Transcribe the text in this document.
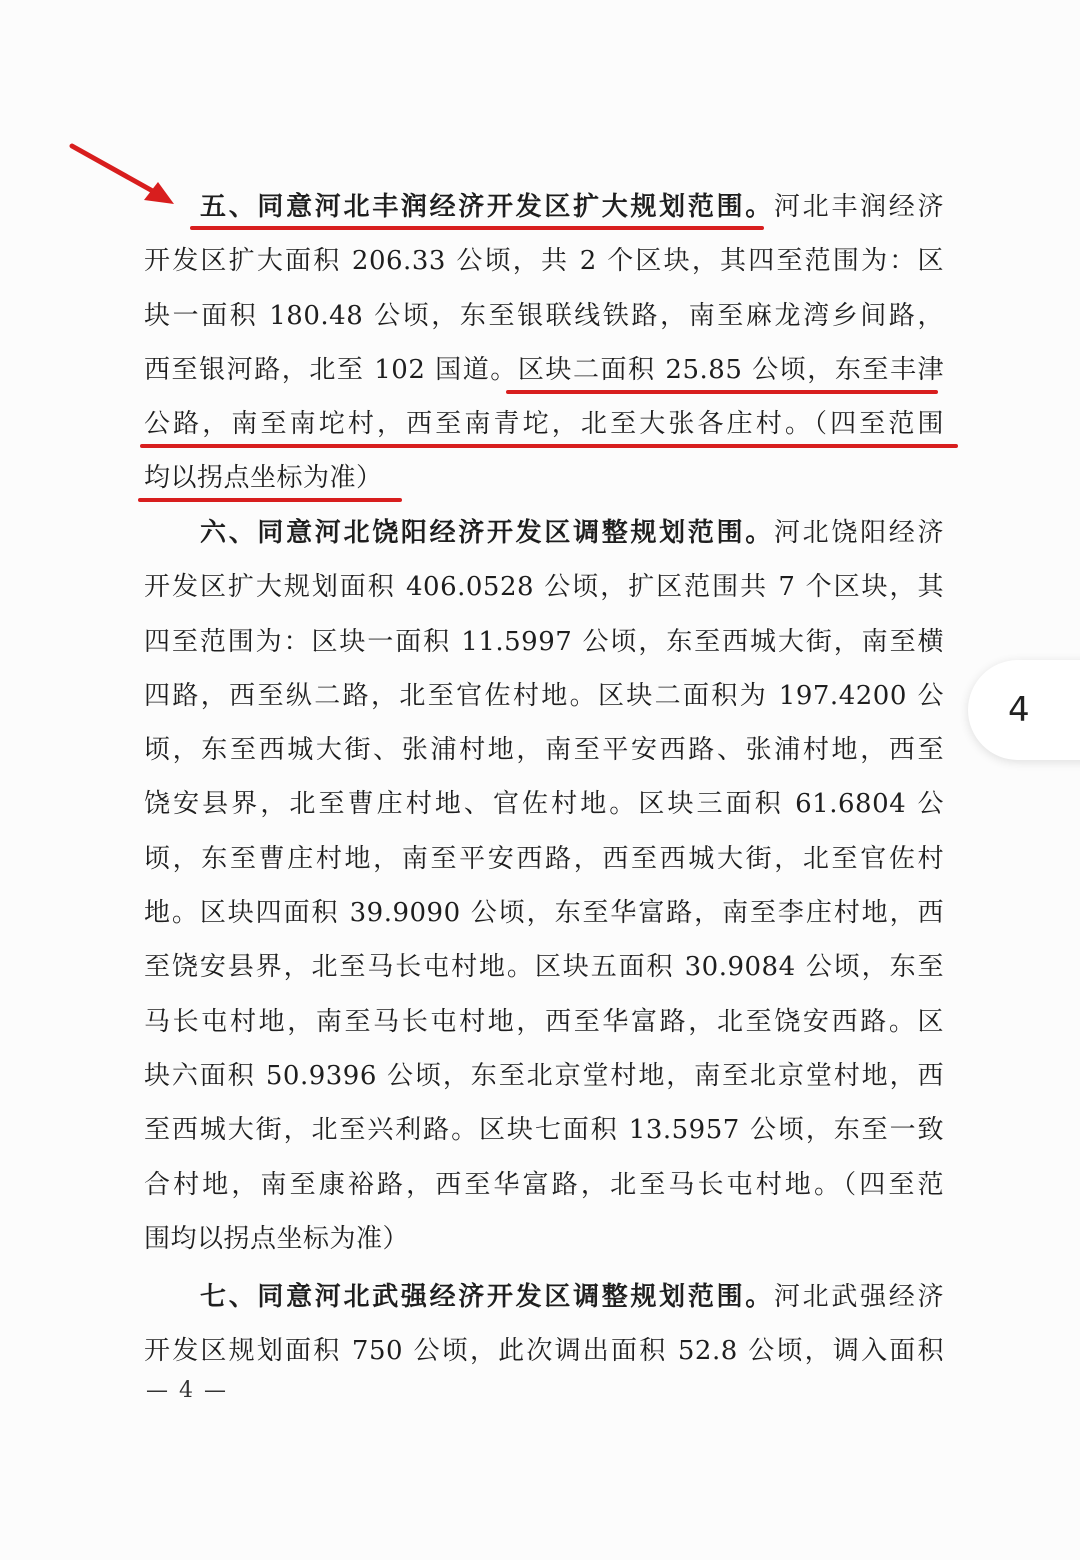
五、同意河北丰润经济开发区扩大规划范围。河北丰润经济
开发区扩大面积 206.33 公顷，共 2 个区块，其四至范围为：区
块一面积 180.48 公顷，东至银联线铁路，南至麻龙湾乡间路，
西至银河路，北至 102 国道。区块二面积 25.85 公顷，东至丰津
公路，南至南坨村，西至南青坨，北至大张各庄村。（四至范围
均以拐点坐标为准）
六、同意河北饶阳经济开发区调整规划范围。河北饶阳经济
开发区扩大规划面积 406.0528 公顷，扩区范围共 7 个区块，其
四至范围为：区块一面积 11.5997 公顷，东至西城大街，南至横
四路，西至纵二路，北至官佐村地。区块二面积为 197.4200 公
顷，东至西城大街、张浦村地，南至平安西路、张浦村地，西至
饶安县界，北至曹庄村地、官佐村地。区块三面积 61.6804 公
顷，东至曹庄村地，南至平安西路，西至西城大街，北至官佐村
地。区块四面积 39.9090 公顷，东至华富路，南至李庄村地，西
至饶安县界，北至马长屯村地。区块五面积 30.9084 公顷，东至
马长屯村地，南至马长屯村地，西至华富路，北至饶安西路。区
块六面积 50.9396 公顷，东至北京堂村地，南至北京堂村地，西
至西城大街，北至兴利路。区块七面积 13.5957 公顷，东至一致
合村地，南至康裕路，西至华富路，北至马长屯村地。（四至范
围均以拐点坐标为准）
七、同意河北武强经济开发区调整规划范围。河北武强经济
开发区规划面积 750 公顷，此次调出面积 52.8 公顷，调入面积
— 4 —
4
